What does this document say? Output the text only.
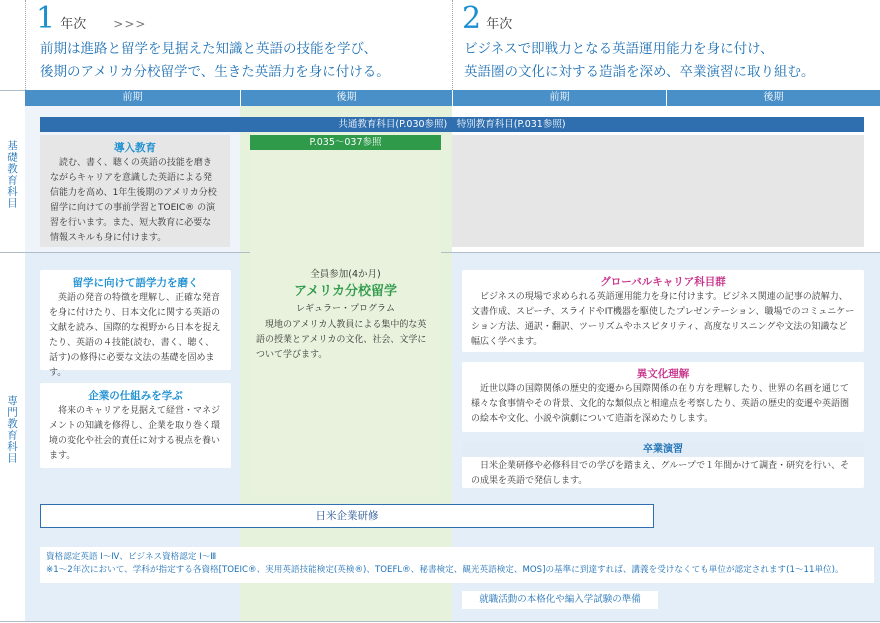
1 年次 >>>	2 年次
前期は進路と留学を見据えた知識と英語の技能を学び、
後期のアメリカ分校留学で、生きた英語力を身に付ける。
ビジネスで即戦力となる英語運用能力を身に付け、
英語圏の文化に対する造詣を深め、卒業演習に取り組む。
前期	後期	前期	後期
基礎教育科目
専門教育科目
共通教育科目(P.030参照)　特別教育科目(P.031参照)
導入教育
読む、書く、聴くの英語の技能を磨きながらキャリアを意識した英語による発信能力を高め、1年生後期のアメリカ分校留学に向けての事前学習とTOEIC® の演習を行います。また、短大教育に必要な情報スキルも身に付けます。
P.035〜037参照
全員参加(4か月)
アメリカ分校留学
レギュラー・プログラム
現地のアメリカ人教員による集中的な英語の授業とアメリカの文化、社会、文学について学びます。
留学に向けて語学力を磨く
英語の発音の特徴を理解し、正確な発音を身に付けたり、日本文化に関する英語の文献を読み、国際的な視野から日本を捉えたり、英語の４技能(読む、書く、聴く、話す)の修得に必要な文法の基礎を固めます。
企業の仕組みを学ぶ
将来のキャリアを見据えて経営・マネジメントの知識を修得し、企業を取り巻く環境の変化や社会的責任に対する視点を養います。
グローバルキャリア科目群
ビジネスの現場で求められる英語運用能力を身に付けます。ビジネス関連の記事の読解力、文書作成、スピーチ、スライドやIT機器を駆使したプレゼンテーション、職場でのコミュニケーション方法、通訳・翻訳、ツーリズムやホスピタリティ、高度なリスニングや文法の知識など幅広く学べます。
異文化理解
近世以降の国際関係の歴史的変遷から国際関係の在り方を理解したり、世界の名画を通じて様々な食事情やその背景、文化的な類似点と相違点を考察したり、英語の歴史的変遷や英語圏の絵本や文化、小説や演劇について造詣を深めたりします。
卒業演習
日米企業研修や必修科目での学びを踏まえ、グループで１年間かけて調査・研究を行い、その成果を英語で発信します。
日米企業研修
資格認定英語 Ⅰ〜Ⅳ、ビジネス資格認定 Ⅰ〜Ⅲ
※1〜2年次において、学科が指定する各資格[TOEIC®、実用英語技能検定(英検®)、TOEFL®、秘書検定、観光英語検定、MOS]の基準に到達すれば、講義を受けなくても単位が認定されます(1〜11単位)。
就職活動の本格化や編入学試験の準備
